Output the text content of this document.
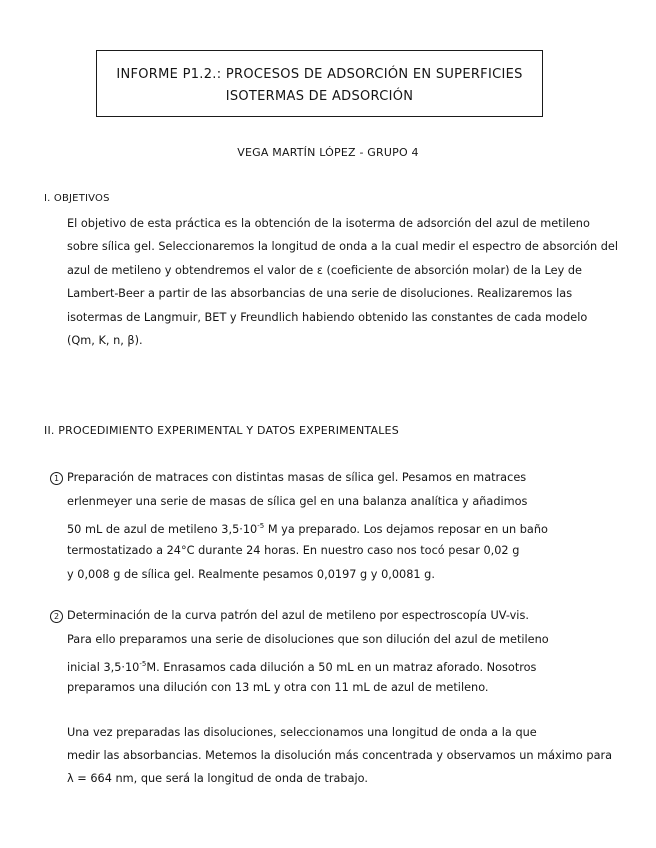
INFORME P1.2.: PROCESOS DE ADSORCIÓN EN SUPERFICIES
ISOTERMAS DE ADSORCIÓN
VEGA MARTÍN LÓPEZ - GRUPO 4
I. OBJETIVOS
El objetivo de esta práctica es la obtención de la isoterma de adsorción del azul de metileno
sobre sílica gel. Seleccionaremos la longitud de onda a la cual medir el espectro de absorción del
azul de metileno y obtendremos el valor de ε (coeficiente de absorción molar) de la Ley de
Lambert-Beer a partir de las absorbancias de una serie de disoluciones. Realizaremos las
isotermas de Langmuir, BET y Freundlich habiendo obtenido las constantes de cada modelo
(Qm, K, n, β).
II. PROCEDIMIENTO EXPERIMENTAL Y DATOS EXPERIMENTALES
1 Preparación de matraces con distintas masas de sílica gel. Pesamos en matraces
erlenmeyer una serie de masas de sílica gel en una balanza analítica y añadimos
50 mL de azul de metileno $3,5\cdot 10^{-5}$ M ya preparado. Los dejamos reposar en un baño
termostatizado a 24°C durante 24 horas. En nuestro caso nos tocó pesar 0,02 g
y 0,008 g de sílica gel. Realmente pesamos 0,0197 g y 0,0081 g.
2 Determinación de la curva patrón del azul de metileno por espectroscopía UV-vis.
Para ello preparamos una serie de disoluciones que son dilución del azul de metileno
inicial $3,5\cdot 10^{-5}M$. Enrasamos cada dilución a 50 mL en un matraz aforado. Nosotros
preparamos una dilución con 13 mL y otra con 11 mL de azul de metileno.
Una vez preparadas las disoluciones, seleccionamos una longitud de onda a la que
medir las absorbancias. Metemos la disolución más concentrada y observamos un máximo para
λ = 664 nm, que será la longitud de onda de trabajo.
